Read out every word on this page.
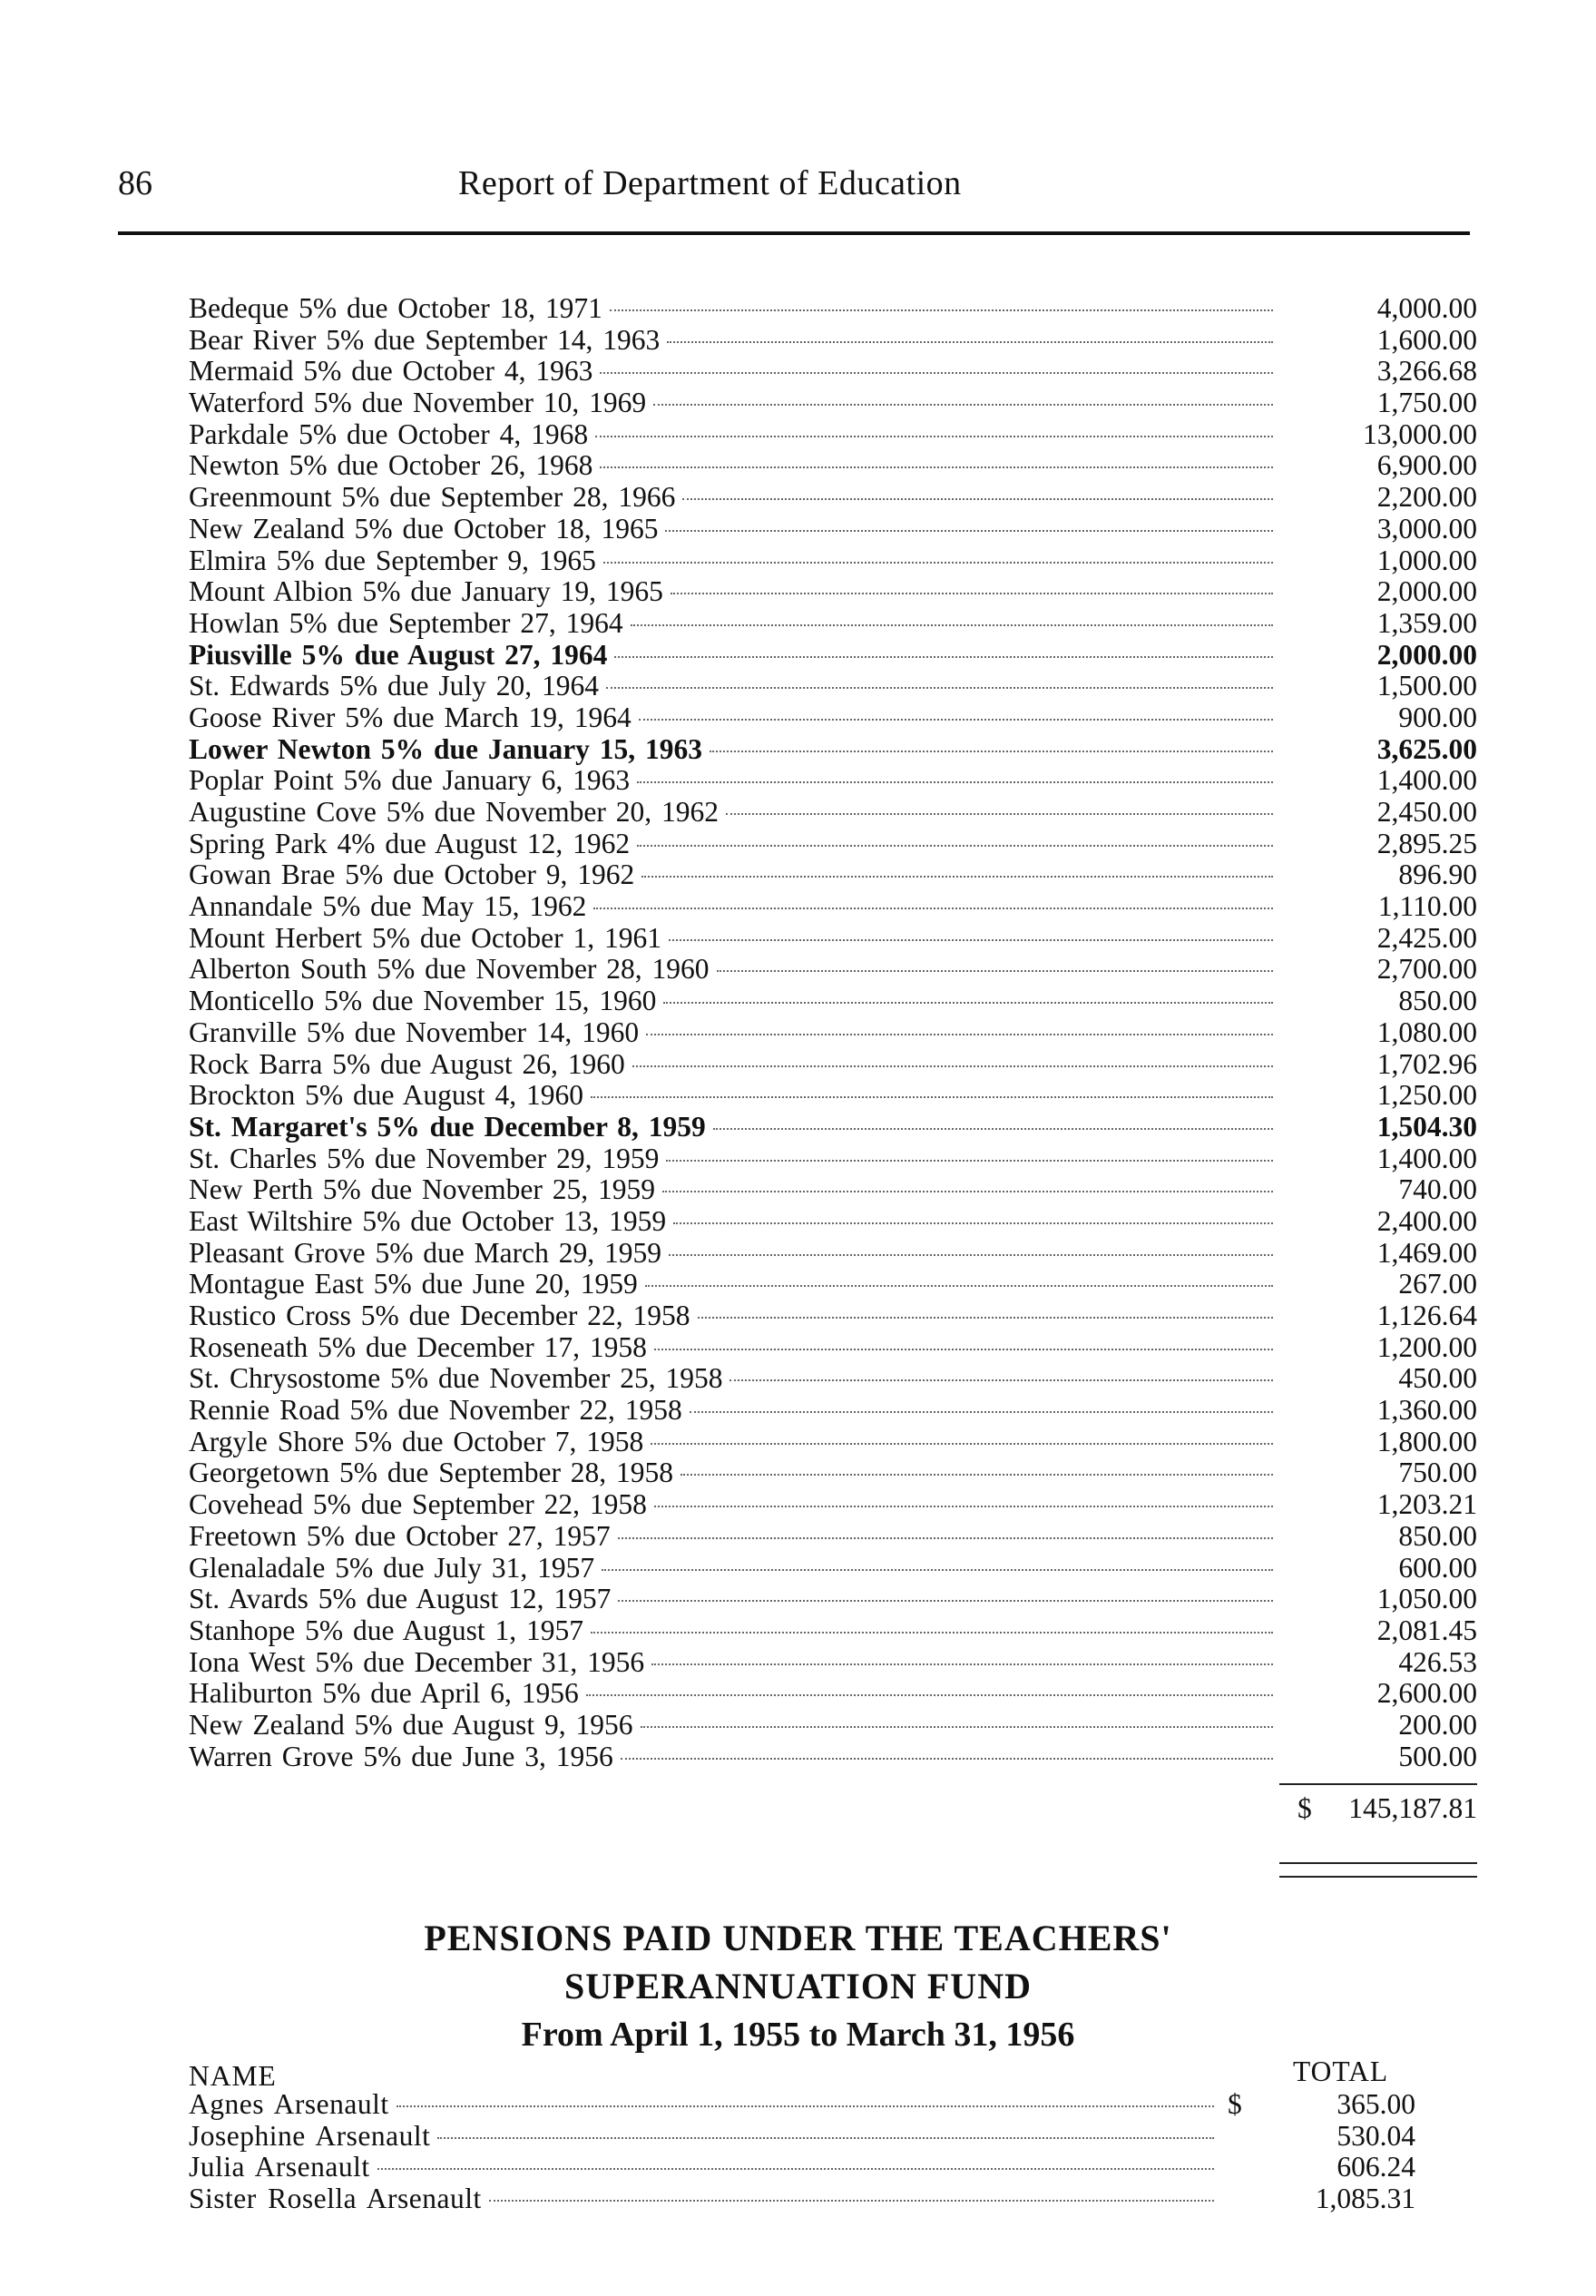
86	Report of Department of Education
Bedeque 5% due October 18, 1971	4,000.00
Bear River 5% due September 14, 1963	1,600.00
Mermaid 5% due October 4, 1963	3,266.68
Waterford 5% due November 10, 1969	1,750.00
Parkdale 5% due October 4, 1968	13,000.00
Newton 5% due October 26, 1968	6,900.00
Greenmount 5% due September 28, 1966	2,200.00
New Zealand 5% due October 18, 1965	3,000.00
Elmira 5% due September 9, 1965	1,000.00
Mount Albion 5% due January 19, 1965	2,000.00
Howlan 5% due September 27, 1964	1,359.00
Piusville 5% due August 27, 1964	2,000.00
St. Edwards 5% due July 20, 1964	1,500.00
Goose River 5% due March 19, 1964	900.00
Lower Newton 5% due January 15, 1963	3,625.00
Poplar Point 5% due January 6, 1963	1,400.00
Augustine Cove 5% due November 20, 1962	2,450.00
Spring Park 4% due August 12, 1962	2,895.25
Gowan Brae 5% due October 9, 1962	896.90
Annandale 5% due May 15, 1962	1,110.00
Mount Herbert 5% due October 1, 1961	2,425.00
Alberton South 5% due November 28, 1960	2,700.00
Monticello 5% due November 15, 1960	850.00
Granville 5% due November 14, 1960	1,080.00
Rock Barra 5% due August 26, 1960	1,702.96
Brockton 5% due August 4, 1960	1,250.00
St. Margaret's 5% due December 8, 1959	1,504.30
St. Charles 5% due November 29, 1959	1,400.00
New Perth 5% due November 25, 1959	740.00
East Wiltshire 5% due October 13, 1959	2,400.00
Pleasant Grove 5% due March 29, 1959	1,469.00
Montague East 5% due June 20, 1959	267.00
Rustico Cross 5% due December 22, 1958	1,126.64
Roseneath 5% due December 17, 1958	1,200.00
St. Chrysostome 5% due November 25, 1958	450.00
Rennie Road 5% due November 22, 1958	1,360.00
Argyle Shore 5% due October 7, 1958	1,800.00
Georgetown 5% due September 28, 1958	750.00
Covehead 5% due September 22, 1958	1,203.21
Freetown 5% due October 27, 1957	850.00
Glenaladale 5% due July 31, 1957	600.00
St. Avards 5% due August 12, 1957	1,050.00
Stanhope 5% due August 1, 1957	2,081.45
Iona West 5% due December 31, 1956	426.53
Haliburton 5% due April 6, 1956	2,600.00
New Zealand 5% due August 9, 1956	200.00
Warren Grove 5% due June 3, 1956	500.00
$ 145,187.81
PENSIONS PAID UNDER THE TEACHERS'
SUPERANNUATION FUND
From April 1, 1955 to March 31, 1956
NAME	TOTAL
Agnes Arsenault	$	365.00
Josephine Arsenault	530.04
Julia Arsenault	606.24
Sister Rosella Arsenault	1,085.31
